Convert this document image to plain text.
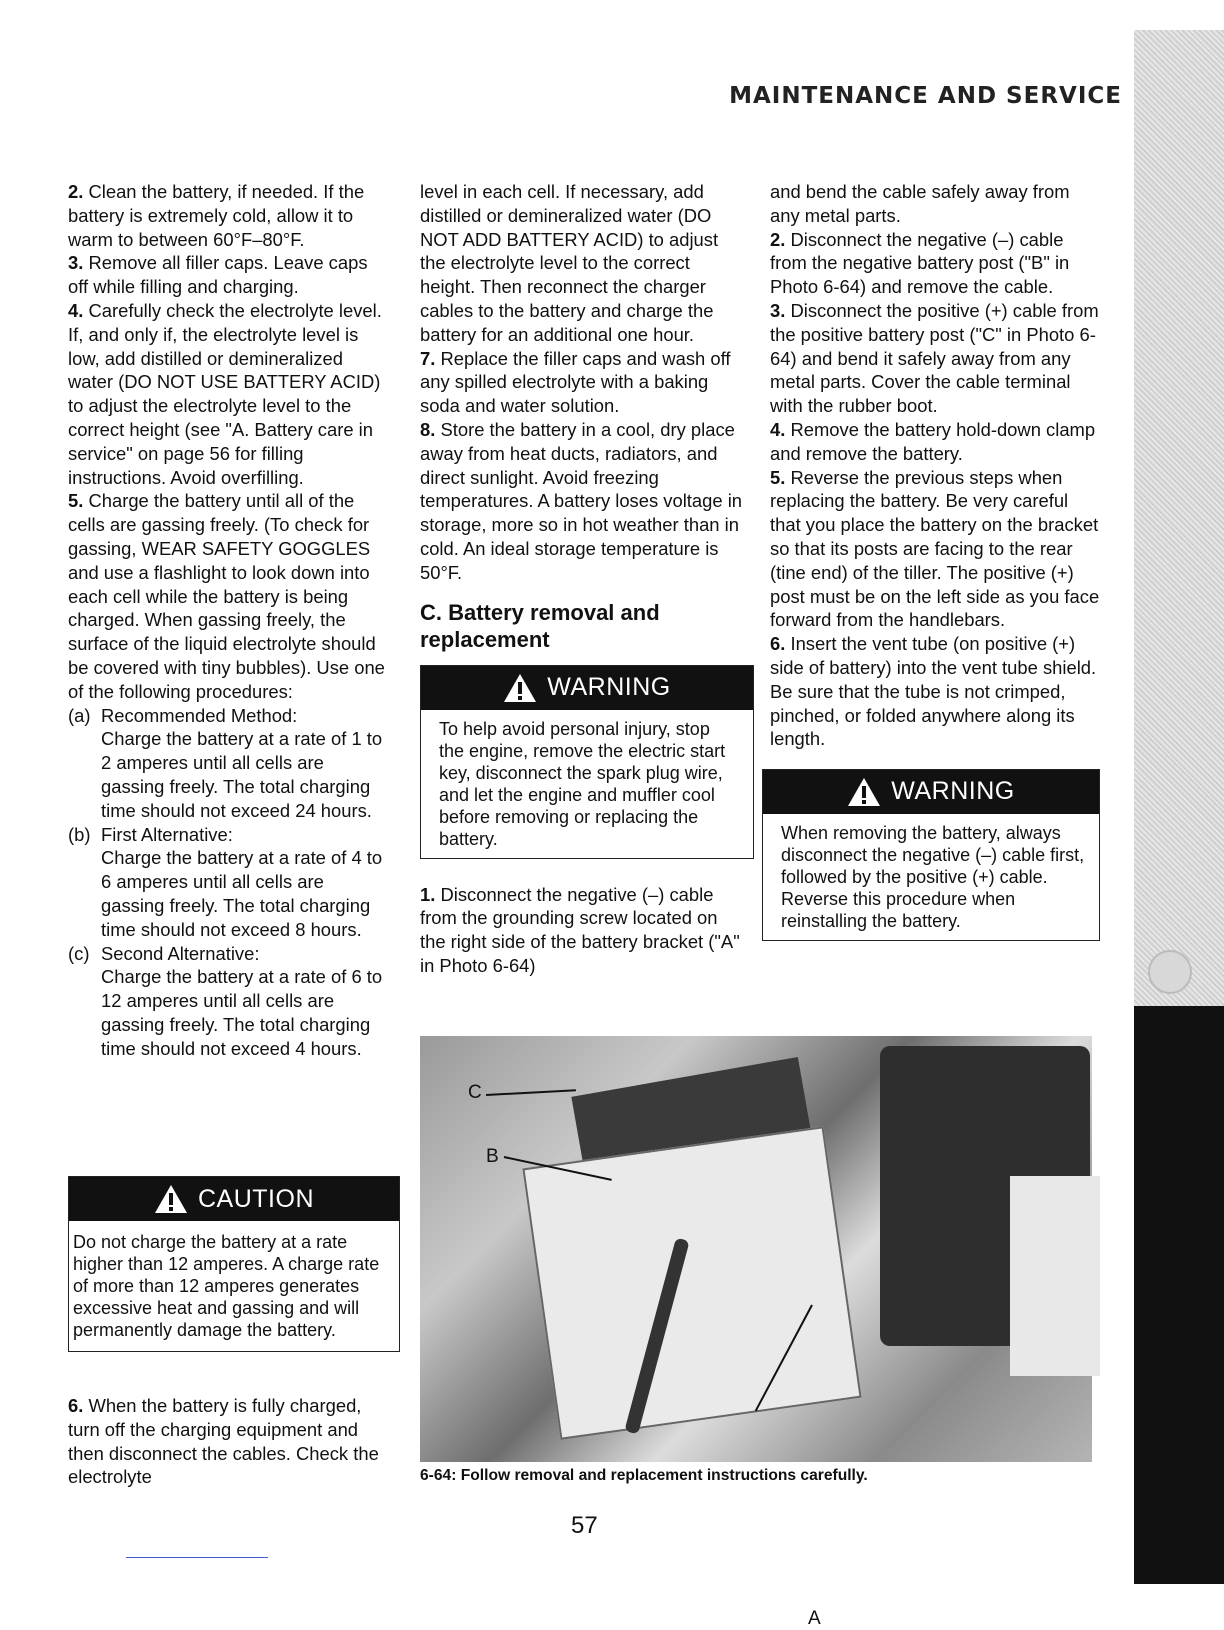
MAINTENANCE AND SERVICE

2. Clean the battery, if needed. If the battery is extremely cold, allow it to warm to between 60°F–80°F.

3. Remove all filler caps. Leave caps off while filling and charging.

4. Carefully check the electrolyte level. If, and only if, the electrolyte level is low, add distilled or demineralized water (DO NOT USE BATTERY ACID) to adjust the electrolyte level to the correct height (see "A. Battery care in service" on page 56 for filling instructions. Avoid overfilling.

5. Charge the battery until all of the cells are gassing freely. (To check for gassing, WEAR SAFETY GOGGLES and use a flashlight to look down into each cell while the battery is being charged. When gassing freely, the surface of the liquid electrolyte should be covered with tiny bubbles). Use one of the following procedures:

(a) Recommended Method:
Charge the battery at a rate of 1 to 2 amperes until all cells are gassing freely. The total charging time should not exceed 24 hours.
(b) First Alternative:
Charge the battery at a rate of 4 to 6 amperes until all cells are gassing freely. The total charging time should not exceed 8 hours.
(c) Second Alternative:
Charge the battery at a rate of 6 to 12 amperes until all cells are gassing freely. The total charging time should not exceed 4 hours.
CAUTION
Do not charge the battery at a rate higher than 12 amperes. A charge rate of more than 12 amperes generates excessive heat and gassing and will permanently damage the battery.

6. When the battery is fully charged, turn off the charging equipment and then disconnect the cables. Check the electrolyte

level in each cell. If necessary, add distilled or demineralized water (DO NOT ADD BATTERY ACID) to adjust the electrolyte level to the correct height. Then reconnect the charger cables to the battery and charge the battery for an additional one hour.

7. Replace the filler caps and wash off any spilled electrolyte with a baking soda and water solution.

8. Store the battery in a cool, dry place away from heat ducts, radiators, and direct sunlight. Avoid freezing temperatures. A battery loses voltage in storage, more so in hot weather than in cold. An ideal storage temperature is 50°F.

C. Battery removal and replacement

WARNING
To help avoid personal injury, stop the engine, remove the electric start key, disconnect the spark plug wire, and let the engine and muffler cool before removing or replacing the battery.

1. Disconnect the negative (–) cable from the grounding screw located on the right side of the battery bracket ("A" in Photo 6-64)

and bend the cable safely away from any metal parts.

2. Disconnect the negative (–) cable from the negative battery post ("B" in Photo 6-64) and remove the cable.

3. Disconnect the positive (+) cable from the positive battery post ("C" in Photo 6-64) and bend it safely away from any metal parts. Cover the cable terminal with the rubber boot.

4. Remove the battery hold-down clamp and remove the battery.

5. Reverse the previous steps when replacing the battery. Be very careful that you place the battery on the bracket so that its posts are facing to the rear (tine end) of the tiller. The positive (+) post must be on the left side as you face forward from the handlebars.

6. Insert the vent tube (on positive (+) side of battery) into the vent tube shield. Be sure that the tube is not crimped, pinched, or folded anywhere along its length.

WARNING
When removing the battery, always disconnect the negative (–) cable first, followed by the positive (+) cable. Reverse this procedure when reinstalling the battery.
C
B
A
6-64: Follow removal and replacement instructions carefully.
57
